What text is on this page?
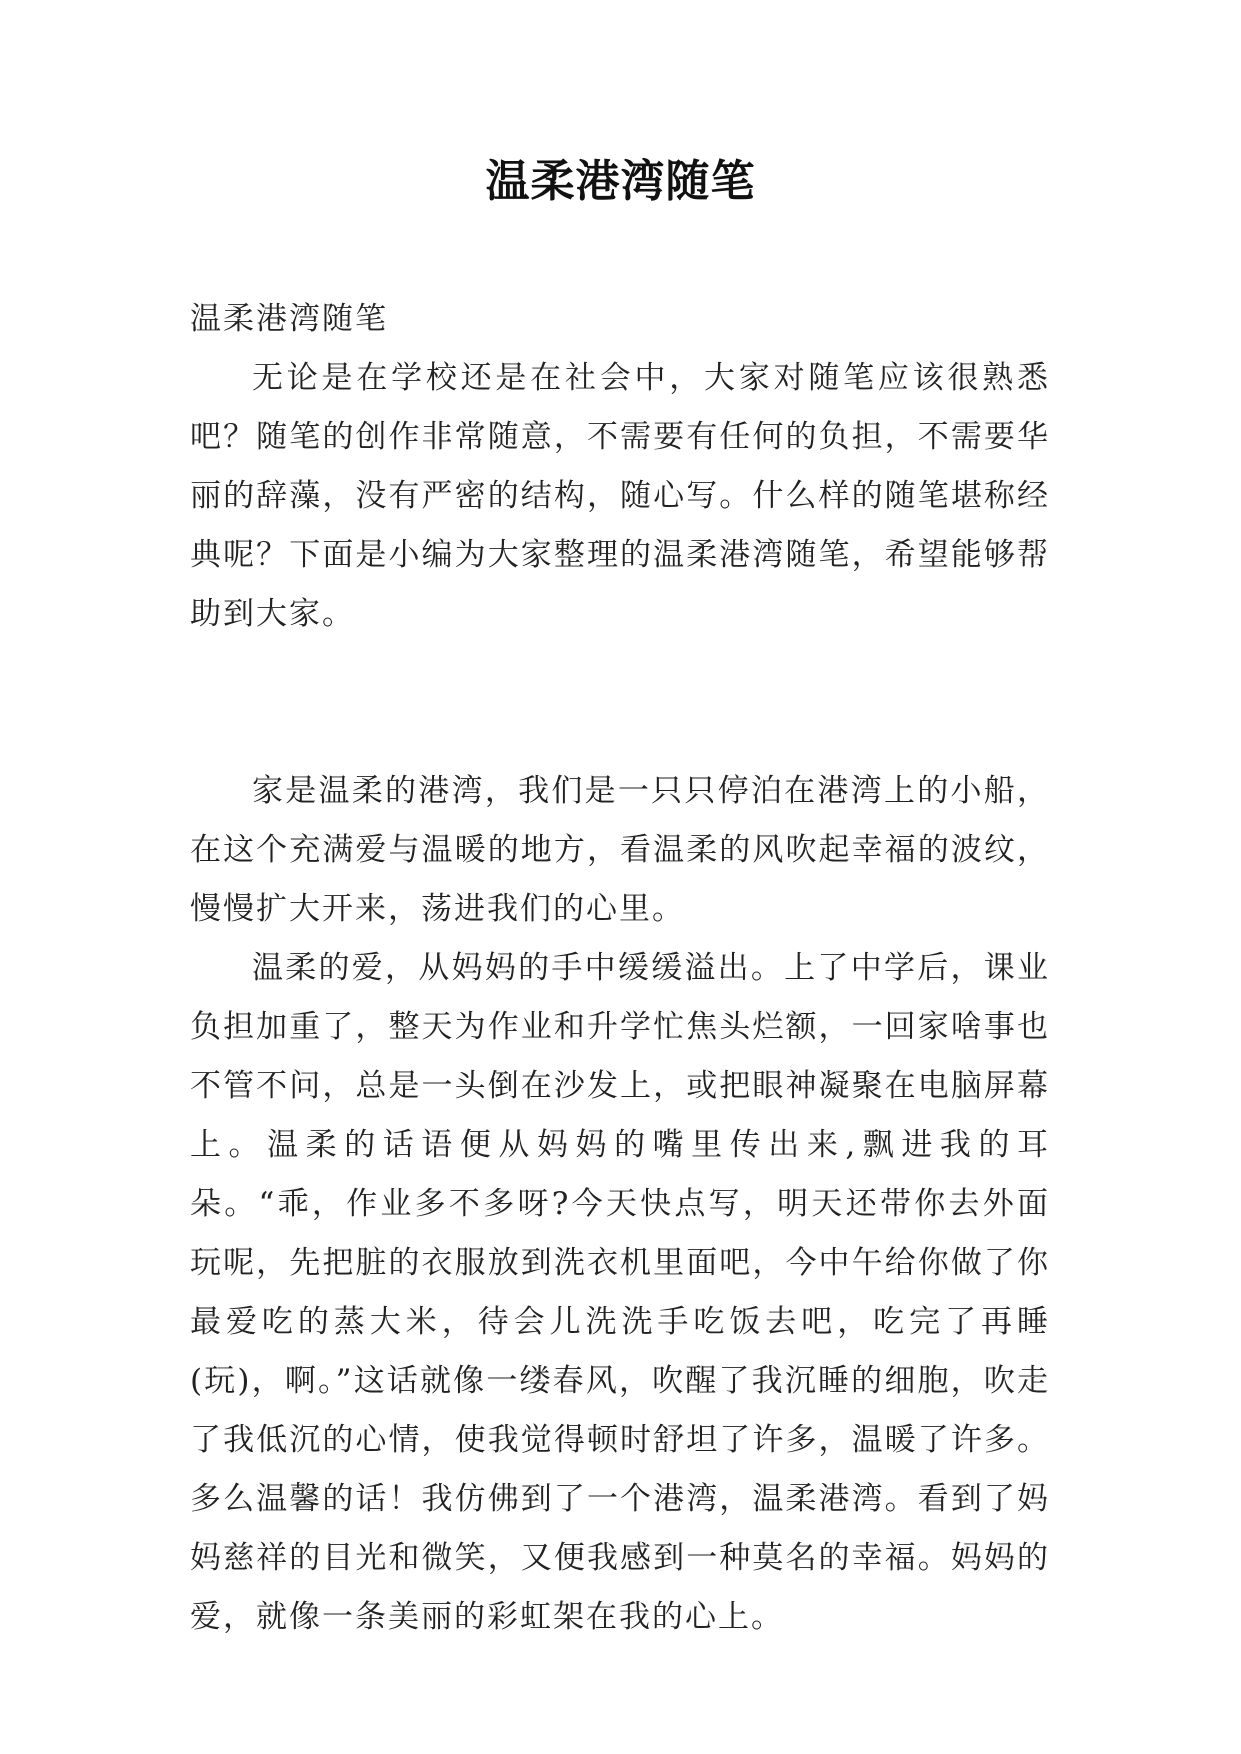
温柔港湾随笔

温柔港湾随笔

无论是在学校还是在社会中，大家对随笔应该很熟悉吧？随笔的创作非常随意，不需要有任何的负担，不需要华丽的辞藻，没有严密的结构，随心写。什么样的随笔堪称经典呢？下面是小编为大家整理的温柔港湾随笔，希望能够帮助到大家。

家是温柔的港湾，我们是一只只停泊在港湾上的小船，在这个充满爱与温暖的地方，看温柔的风吹起幸福的波纹，慢慢扩大开来，荡进我们的心里。

温柔的爱，从妈妈的手中缓缓溢出。上了中学后，课业负担加重了，整天为作业和升学忙焦头烂额，一回家啥事也不管不问，总是一头倒在沙发上，或把眼神凝聚在电脑屏幕上。温柔的话语便从妈妈的嘴里传出来,飘进我的耳朵。“乖，作业多不多呀?今天快点写，明天还带你去外面玩呢，先把脏的衣服放到洗衣机里面吧，今中午给你做了你最爱吃的蒸大米，待会儿洗洗手吃饭去吧，吃完了再睡(玩)，啊。”这话就像一缕春风，吹醒了我沉睡的细胞，吹走了我低沉的心情，使我觉得顿时舒坦了许多，温暖了许多。多么温馨的话！我仿佛到了一个港湾，温柔港湾。看到了妈妈慈祥的目光和微笑，又便我感到一种莫名的幸福。妈妈的爱，就像一条美丽的彩虹架在我的心上。
